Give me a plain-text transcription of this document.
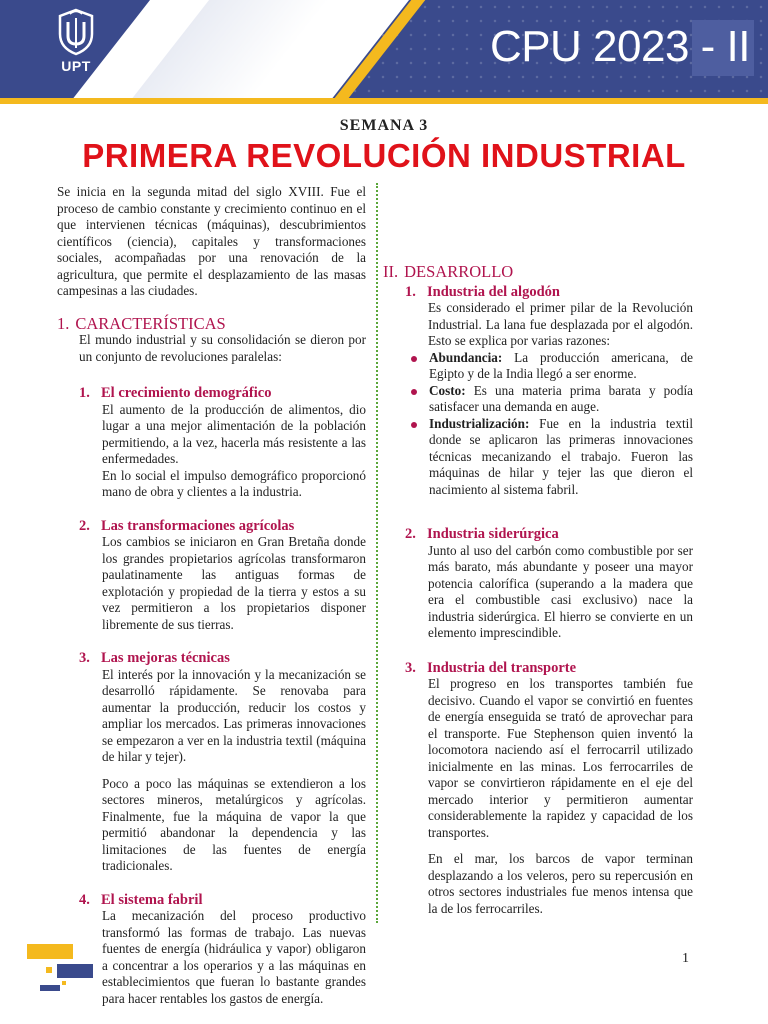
UPT	CPU 2023 - II
SEMANA 3
PRIMERA REVOLUCIÓN INDUSTRIAL

Se inicia en la segunda mitad del siglo XVIII. Fue el proceso de cambio constante y crecimiento continuo en el que intervienen técnicas (máquinas), descubrimientos científicos (ciencia), capitales y transformaciones sociales, acompañadas por una renovación de la agricultura, que permite el desplazamiento de las masas campesinas a las ciudades.

1. CARACTERÍSTICAS

El mundo industrial y su consolidación se dieron por un conjunto de revoluciones paralelas:

1. El crecimiento demográfico

El aumento de la producción de alimentos, dio lugar a una mejor alimentación de la población permitiendo, a la vez, hacerla más resistente a las enfermedades.

En lo social el impulso demográfico proporcionó mano de obra y clientes a la industria.

2. Las transformaciones agrícolas

Los cambios se iniciaron en Gran Bretaña donde los grandes propietarios agrícolas transformaron paulatinamente las antiguas formas de explotación y propiedad de la tierra y estos a su vez permitieron a los propietarios disponer libremente de sus tierras.

3. Las mejoras técnicas

El interés por la innovación y la mecanización se desarrolló rápidamente. Se renovaba para aumentar la producción, reducir los costos y ampliar los mercados. Las primeras innovaciones se empezaron a ver en la industria textil (máquina de hilar y tejer).

Poco a poco las máquinas se extendieron a los sectores mineros, metalúrgicos y agrícolas. Finalmente, fue la máquina de vapor la que permitió abandonar la dependencia y las limitaciones de las fuentes de energía tradicionales.

4. El sistema fabril

La mecanización del proceso productivo transformó las formas de trabajo. Las nuevas fuentes de energía (hidráulica y vapor) obligaron a concentrar a los operarios y a las máquinas en establecimientos que fueran lo bastante grandes para hacer rentables los gastos de energía.

II. DESARROLLO
1. Industria del algodón

Es considerado el primer pilar de la Revolución Industrial. La lana fue desplazada por el algodón. Esto se explica por varias razones:

Abundancia: La producción americana, de Egipto y de la India llegó a ser enorme.
Costo: Es una materia prima barata y podía satisfacer una demanda en auge.
Industrialización: Fue en la industria textil donde se aplicaron las primeras innovaciones técnicas mecanizando el trabajo. Fueron las máquinas de hilar y tejer las que dieron el nacimiento al sistema fabril.
2. Industria siderúrgica

Junto al uso del carbón como combustible por ser más barato, más abundante y poseer una mayor potencia calorífica (superando a la madera que era el combustible casi exclusivo) nace la industria siderúrgica. El hierro se convierte en un elemento imprescindible.

3. Industria del transporte

El progreso en los transportes también fue decisivo. Cuando el vapor se convirtió en fuentes de energía enseguida se trató de aprovechar para el transporte. Fue Stephenson quien inventó la locomotora naciendo así el ferrocarril utilizado inicialmente en las minas. Los ferrocarriles de vapor se convirtieron rápidamente en el eje del mercado interior y permitieron aumentar considerablemente la rapidez y capacidad de los transportes.

En el mar, los barcos de vapor terminan desplazando a los veleros, pero su repercusión en otros sectores industriales fue menos intensa que la de los ferrocarriles.

1
